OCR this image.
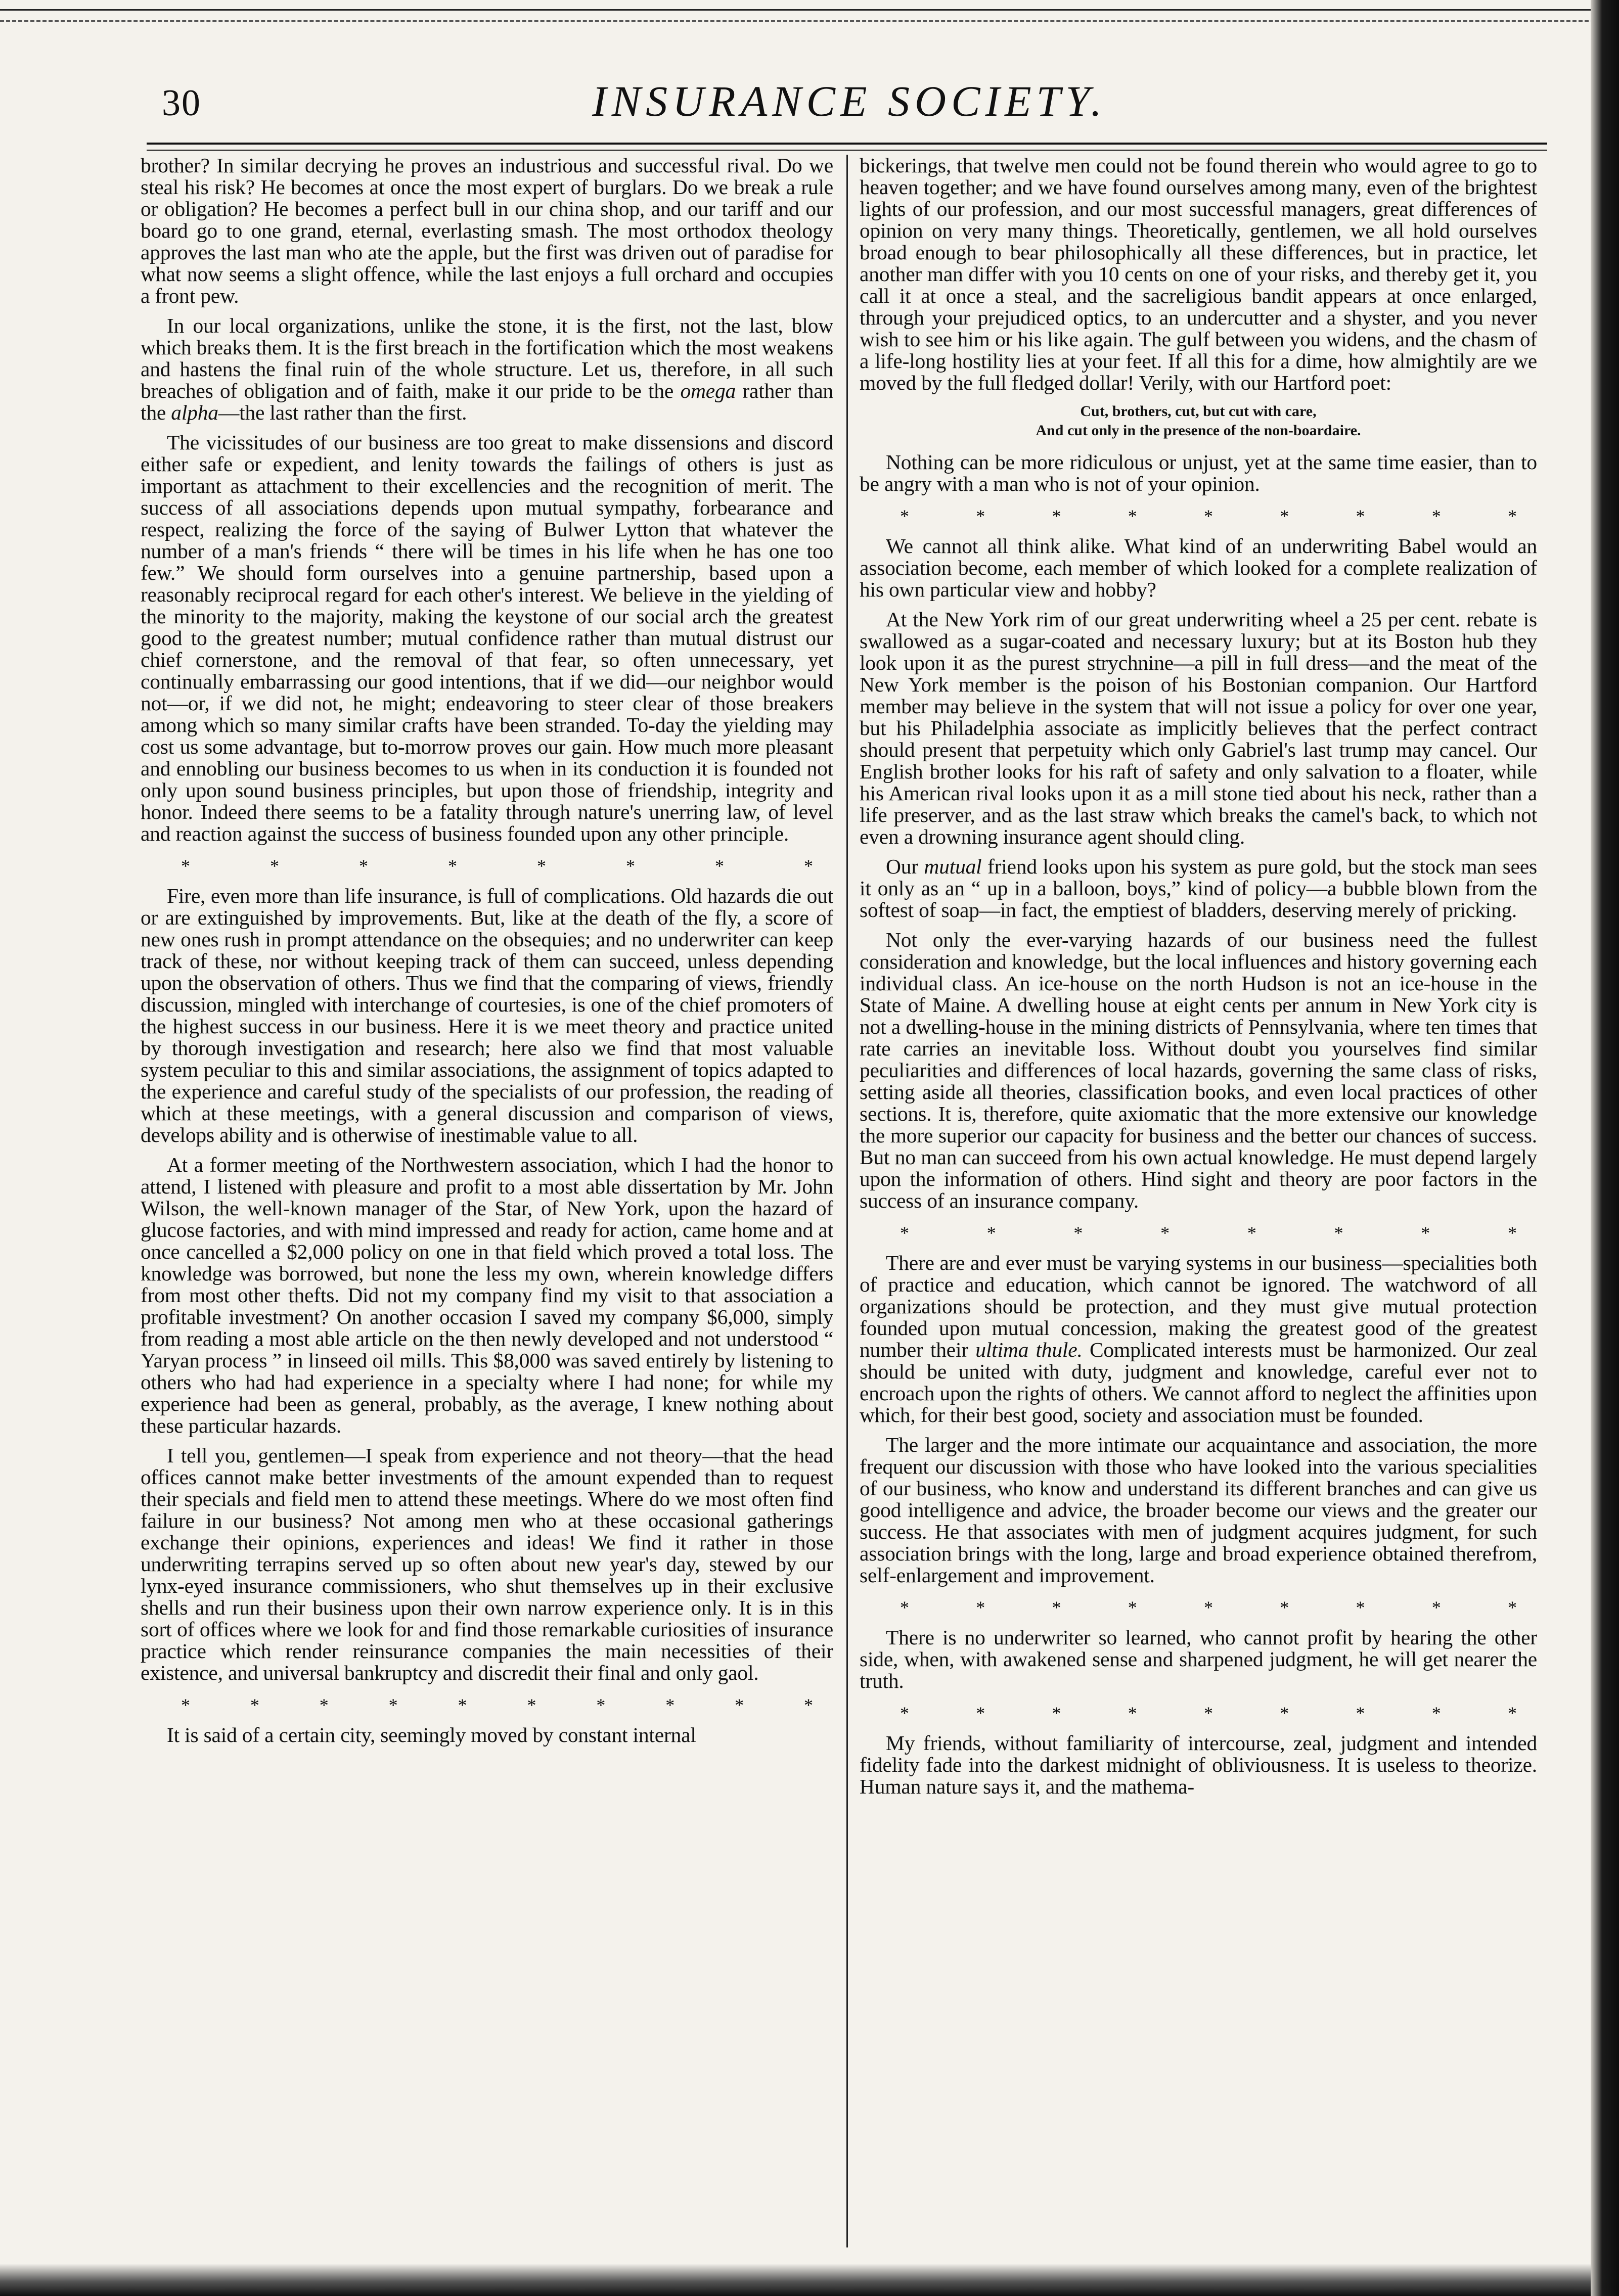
30	INSURANCE SOCIETY.

brother? In similar decrying he proves an industrious and successful rival. Do we steal his risk? He becomes at once the most expert of burglars. Do we break a rule or obligation? He becomes a perfect bull in our china shop, and our tariff and our board go to one grand, eternal, everlasting smash. The most orthodox theology approves the last man who ate the apple, but the first was driven out of paradise for what now seems a slight offence, while the last enjoys a full orchard and occupies a front pew.

In our local organizations, unlike the stone, it is the first, not the last, blow which breaks them. It is the first breach in the fortification which the most weakens and hastens the final ruin of the whole structure. Let us, therefore, in all such breaches of obligation and of faith, make it our pride to be the omega rather than the alpha—the last rather than the first.

The vicissitudes of our business are too great to make dissensions and discord either safe or expedient, and lenity towards the failings of others is just as important as attachment to their excellencies and the recognition of merit. The success of all associations depends upon mutual sympathy, forbearance and respect, realizing the force of the saying of Bulwer Lytton that whatever the number of a man's friends “ there will be times in his life when he has one too few.” We should form ourselves into a genuine partnership, based upon a reasonably reciprocal regard for each other's interest. We believe in the yielding of the minority to the majority, making the keystone of our social arch the greatest good to the greatest number; mutual confidence rather than mutual distrust our chief cornerstone, and the removal of that fear, so often unnecessary, yet continually embarrassing our good intentions, that if we did—our neighbor would not—or, if we did not, he might; endeavoring to steer clear of those breakers among which so many similar crafts have been stranded. To-day the yielding may cost us some advantage, but to-morrow proves our gain. How much more pleasant and ennobling our business becomes to us when in its conduction it is founded not only upon sound business principles, but upon those of friendship, integrity and honor. Indeed there seems to be a fatality through nature's unerring law, of level and reaction against the success of business founded upon any other principle.

* * * * * * * *

Fire, even more than life insurance, is full of complications. Old hazards die out or are extinguished by improvements. But, like at the death of the fly, a score of new ones rush in prompt attendance on the obsequies; and no underwriter can keep track of these, nor without keeping track of them can succeed, unless depending upon the observation of others. Thus we find that the comparing of views, friendly discussion, mingled with interchange of courtesies, is one of the chief promoters of the highest success in our business. Here it is we meet theory and practice united by thorough investigation and research; here also we find that most valuable system peculiar to this and similar associations, the assignment of topics adapted to the experience and careful study of the specialists of our profession, the reading of which at these meetings, with a general discussion and comparison of views, develops ability and is otherwise of inestimable value to all.

At a former meeting of the Northwestern association, which I had the honor to attend, I listened with pleasure and profit to a most able dissertation by Mr. John Wilson, the well-known manager of the Star, of New York, upon the hazard of glucose factories, and with mind impressed and ready for action, came home and at once cancelled a $2,000 policy on one in that field which proved a total loss. The knowledge was borrowed, but none the less my own, wherein knowledge differs from most other thefts. Did not my company find my visit to that association a profitable investment? On another occasion I saved my company $6,000, simply from reading a most able article on the then newly developed and not understood “ Yaryan process ” in linseed oil mills. This $8,000 was saved entirely by listening to others who had had experience in a specialty where I had none; for while my experience had been as general, probably, as the average, I knew nothing about these particular hazards.

I tell you, gentlemen—I speak from experience and not theory—that the head offices cannot make better investments of the amount expended than to request their specials and field men to attend these meetings. Where do we most often find failure in our business? Not among men who at these occasional gatherings exchange their opinions, experiences and ideas! We find it rather in those underwriting terrapins served up so often about new year's day, stewed by our lynx-eyed insurance commissioners, who shut themselves up in their exclusive shells and run their business upon their own narrow experience only. It is in this sort of offices where we look for and find those remarkable curiosities of insurance practice which render reinsurance companies the main necessities of their existence, and universal bankruptcy and discredit their final and only gaol.

* * * * * * * * * *

It is said of a certain city, seemingly moved by constant internal

bickerings, that twelve men could not be found therein who would agree to go to heaven together; and we have found ourselves among many, even of the brightest lights of our profession, and our most successful managers, great differences of opinion on very many things. Theoretically, gentlemen, we all hold ourselves broad enough to bear philosophically all these differences, but in practice, let another man differ with you 10 cents on one of your risks, and thereby get it, you call it at once a steal, and the sacreligious bandit appears at once enlarged, through your prejudiced optics, to an undercutter and a shyster, and you never wish to see him or his like again. The gulf between you widens, and the chasm of a life-long hostility lies at your feet. If all this for a dime, how almightily are we moved by the full fledged dollar! Verily, with our Hartford poet:

Cut, brothers, cut, but cut with care,
And cut only in the presence of the non-boardaire.

Nothing can be more ridiculous or unjust, yet at the same time easier, than to be angry with a man who is not of your opinion.

* * * * * * * * *

We cannot all think alike. What kind of an underwriting Babel would an association become, each member of which looked for a complete realization of his own particular view and hobby?

At the New York rim of our great underwriting wheel a 25 per cent. rebate is swallowed as a sugar-coated and necessary luxury; but at its Boston hub they look upon it as the purest strychnine—a pill in full dress—and the meat of the New York member is the poison of his Bostonian companion. Our Hartford member may believe in the system that will not issue a policy for over one year, but his Philadelphia associate as implicitly believes that the perfect contract should present that perpetuity which only Gabriel's last trump may cancel. Our English brother looks for his raft of safety and only salvation to a floater, while his American rival looks upon it as a mill stone tied about his neck, rather than a life preserver, and as the last straw which breaks the camel's back, to which not even a drowning insurance agent should cling.

Our mutual friend looks upon his system as pure gold, but the stock man sees it only as an “ up in a balloon, boys,” kind of policy—a bubble blown from the softest of soap—in fact, the emptiest of bladders, deserving merely of pricking.

Not only the ever-varying hazards of our business need the fullest consideration and knowledge, but the local influences and history governing each individual class. An ice-house on the north Hudson is not an ice-house in the State of Maine. A dwelling house at eight cents per annum in New York city is not a dwelling-house in the mining districts of Pennsylvania, where ten times that rate carries an inevitable loss. Without doubt you yourselves find similar peculiarities and differences of local hazards, governing the same class of risks, setting aside all theories, classification books, and even local practices of other sections. It is, therefore, quite axiomatic that the more extensive our knowledge the more superior our capacity for business and the better our chances of success. But no man can succeed from his own actual knowledge. He must depend largely upon the information of others. Hind sight and theory are poor factors in the success of an insurance company.

* * * * * * * *

There are and ever must be varying systems in our business—specialities both of practice and education, which cannot be ignored. The watchword of all organizations should be protection, and they must give mutual protection founded upon mutual concession, making the greatest good of the greatest number their ultima thule. Complicated interests must be harmonized. Our zeal should be united with duty, judgment and knowledge, careful ever not to encroach upon the rights of others. We cannot afford to neglect the affinities upon which, for their best good, society and association must be founded.

The larger and the more intimate our acquaintance and association, the more frequent our discussion with those who have looked into the various specialities of our business, who know and understand its different branches and can give us good intelligence and advice, the broader become our views and the greater our success. He that associates with men of judgment acquires judgment, for such association brings with the long, large and broad experience obtained therefrom, self-enlargement and improvement.

* * * * * * * * *

There is no underwriter so learned, who cannot profit by hearing the other side, when, with awakened sense and sharpened judgment, he will get nearer the truth.

* * * * * * * * *

My friends, without familiarity of intercourse, zeal, judgment and intended fidelity fade into the darkest midnight of obliviousness. It is useless to theorize. Human nature says it, and the mathema-
